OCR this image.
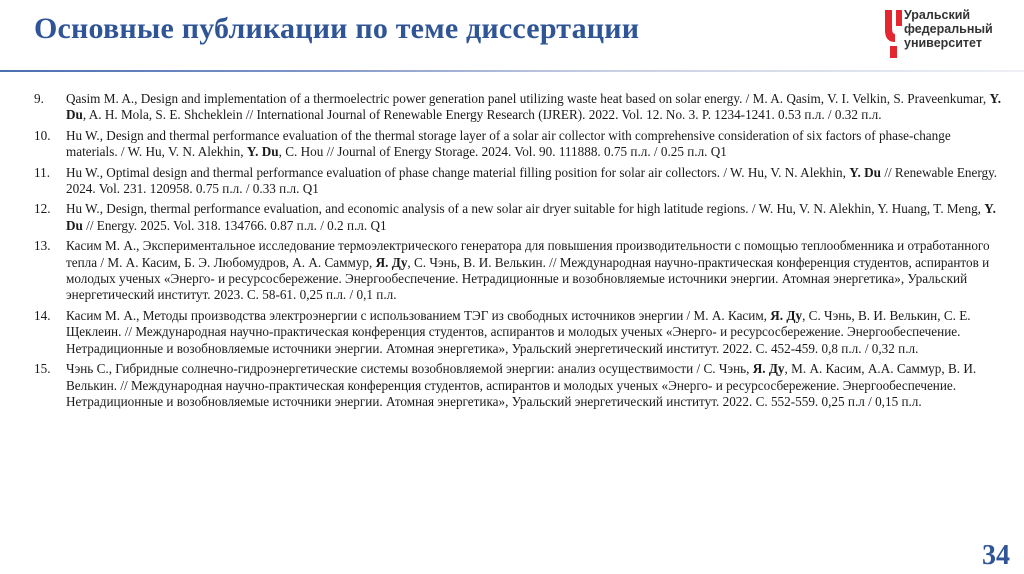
Основные публикации по теме диссертации	Уральский
федеральный
университет
9. Qasim M. A., Design and implementation of a thermoelectric power generation panel utilizing waste heat based on solar energy. / M. A. Qasim, V. I. Velkin, S. Praveenkumar, Y. Du, A. H. Mola, S. E. Shcheklein // International Journal of Renewable Energy Research (IJRER). 2022. Vol. 12. No. 3. P. 1234-1241. 0.53 п.л. / 0.32 п.л.
10. Hu W., Design and thermal performance evaluation of the thermal storage layer of a solar air collector with comprehensive consideration of six factors of phase-change materials. / W. Hu, V. N. Alekhin, Y. Du, C. Hou // Journal of Energy Storage. 2024. Vol. 90. 111888. 0.75 п.л. / 0.25 п.л. Q1
11. Hu W., Optimal design and thermal performance evaluation of phase change material filling position for solar air collectors. / W. Hu, V. N. Alekhin, Y. Du // Renewable Energy. 2024. Vol. 231. 120958. 0.75 п.л. / 0.33 п.л. Q1
12. Hu W., Design, thermal performance evaluation, and economic analysis of a new solar air dryer suitable for high latitude regions. / W. Hu, V. N. Alekhin, Y. Huang, T. Meng, Y. Du // Energy. 2025. Vol. 318. 134766. 0.87 п.л. / 0.2 п.л. Q1
13. Касим М. А., Экспериментальное исследование термоэлектрического генератора для повышения производительности с помощью теплообменника и отработанного тепла / М. А. Касим, Б. Э. Любомудров, А. А. Саммур, Я. Ду, С. Чэнь, В. И. Велькин. // Международная научно-практическая конференция студентов, аспирантов и молодых ученых «Энерго- и ресурсосбережение. Энергообеспечение. Нетрадиционные и возобновляемые источники энергии. Атомная энергетика», Уральский энергетический институт. 2023. С. 58-61. 0,25 п.л. / 0,1 п.л.
14. Касим М. А., Методы производства электроэнергии с использованием ТЭГ из свободных источников энергии / М. А. Касим, Я. Ду, С. Чэнь, В. И. Велькин, С. Е. Щеклеин. // Международная научно-практическая конференция студентов, аспирантов и молодых ученых «Энерго- и ресурсосбережение. Энергообеспечение. Нетрадиционные и возобновляемые источники энергии. Атомная энергетика», Уральский энергетический институт. 2022. С. 452-459. 0,8 п.л. / 0,32 п.л.
15. Чэнь С., Гибридные солнечно-гидроэнергетические системы возобновляемой энергии: анализ осуществимости / С. Чэнь, Я. Ду, М. А. Касим, А.А. Саммур, В. И. Велькин. // Международная научно-практическая конференция студентов, аспирантов и молодых ученых «Энерго- и ресурсосбережение. Энергообеспечение. Нетрадиционные и возобновляемые источники энергии. Атомная энергетика», Уральский энергетический институт. 2022. С. 552-559. 0,25 п.л / 0,15 п.л.
34
